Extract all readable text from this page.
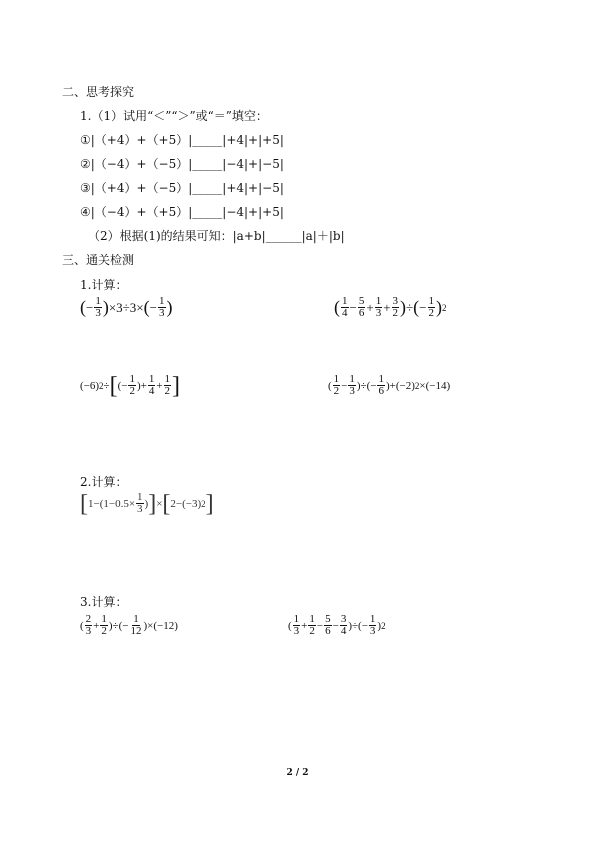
二、思考探究
1.（1）试用“＜”“＞”或“＝”填空：
①|（+4）+（+5）|_____|+4|+|+5|
②|（−4）+（−5）|_____|−4|+|−5|
③|（+4）+（−5）|_____|+4|+|−5|
④|（−4）+（+5）|_____|−4|+|+5|
（2）根据(1)的结果可知：|a+b|______|a|＋|b|
三、通关检测
1.计算：
( − $\frac{1}{3}$ ) ×3÷3× ( − $\frac{1}{3}$ )	( $\frac{1}{4} - \frac{5}{6} + \frac{1}{3} + \frac{3}{2}$ ) ÷ ( − $\frac{1}{2}$ ) 2
(−6) 2 ÷ [ (− $\frac{1}{2}$ )+ $\frac{1}{4} + \frac{1}{2}$ ]	( $\frac{1}{2} - \frac{1}{3}$ )÷(− $\frac{1}{6} )+(-2)$ 2 ×(−14)
2.计算：
[ $1-(1-0.5\times \frac{1}{3}$ ) ] × [ 2−(−3) 2 ]
3.计算：
( $\frac{2}{3} + \frac{1}{2}$ )÷(− $\frac{1}{12} )\times(-12)$	( $\frac{1}{3} + \frac{1}{2} - \frac{5}{6} - \frac{3}{4}$ )÷(− $\frac{1}{3}$ ) 2
2 / 2
